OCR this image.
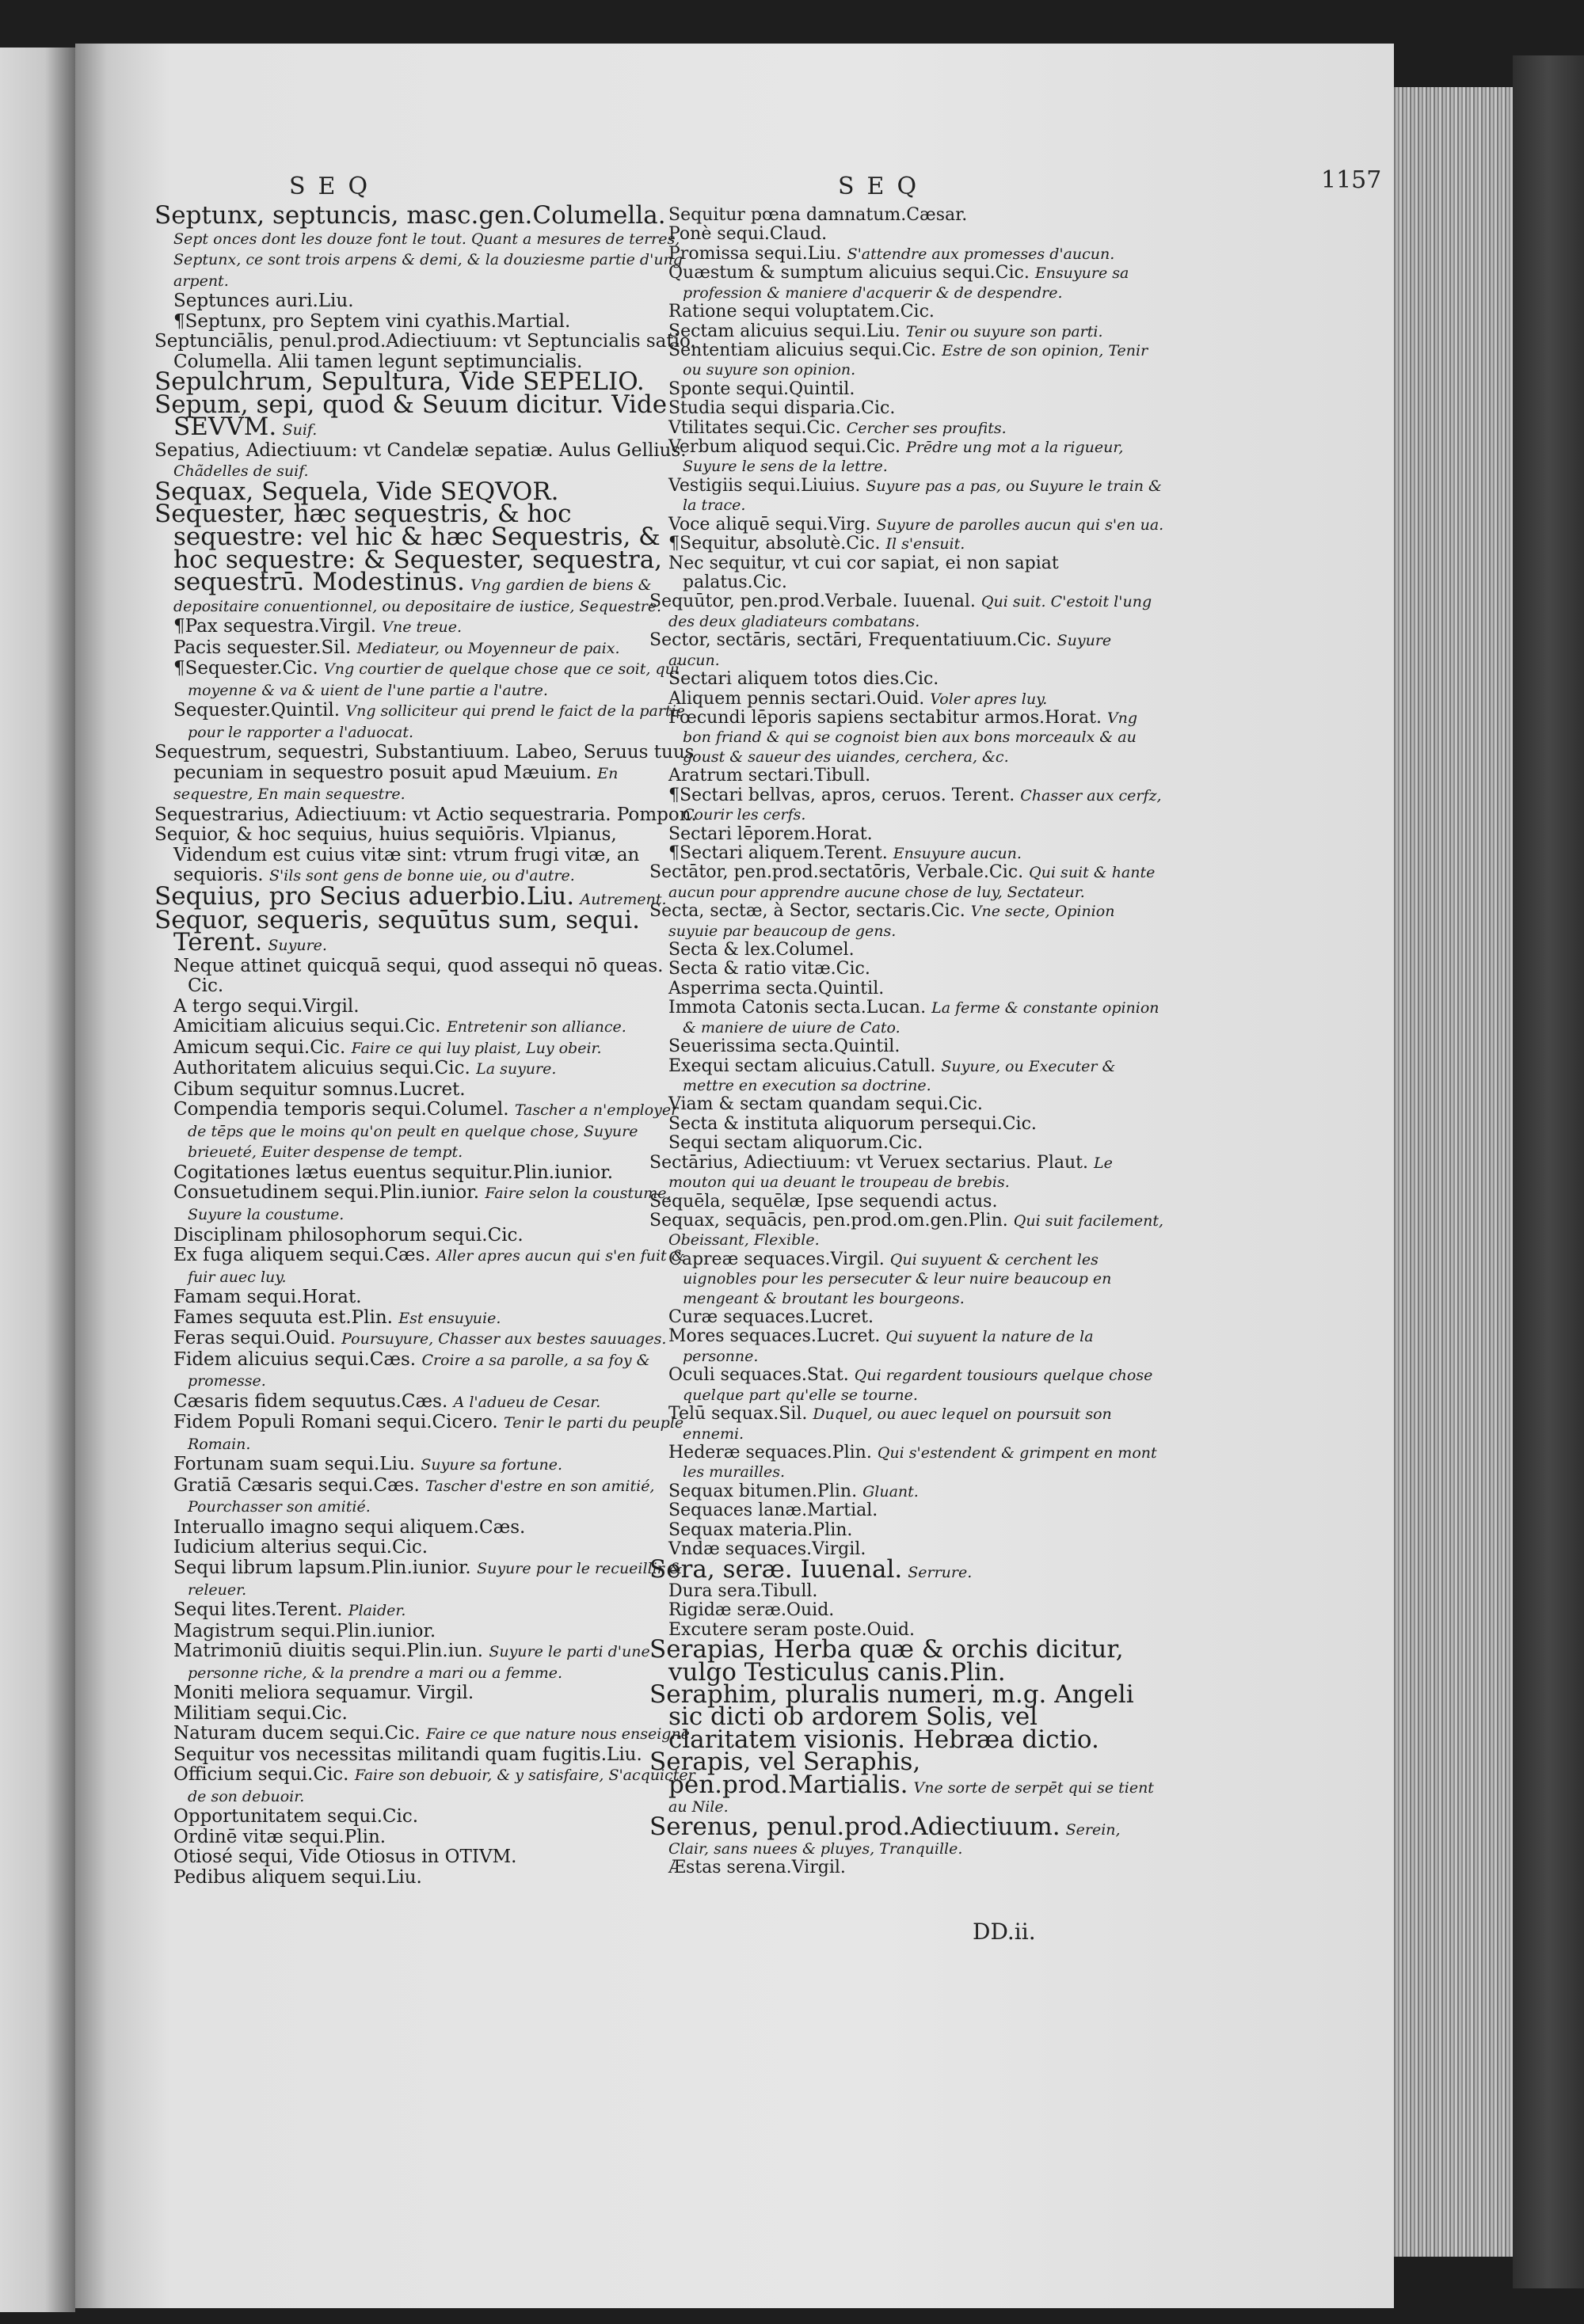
SEQ	SEQ	1157

Septunx, septuncis, masc.gen.Columella. Sept onces dont les douze font le tout. Quant a mesures de terres, Septunx, ce sont trois arpens & demi, & la douziesme partie d'ung arpent.

Septunces auri.Liu.

¶Septunx, pro Septem vini cyathis.Martial.

Septunciālis, penul.prod.Adiectiuum: vt Septuncialis satio. Columella. Alii tamen legunt septimuncialis.

Sepulchrum, Sepultura, Vide SEPELIO.

Sepum, sepi, quod & Seuum dicitur. Vide SEVVM. Suif.

Sepatius, Adiectiuum: vt Candelæ sepatiæ. Aulus Gellius. Chãdelles de suif.

Sequax, Sequela, Vide SEQVOR.

Sequester, hæc sequestris, & hoc sequestre: vel hic & hæc Sequestris, & hoc sequestre: & Sequester, sequestra, sequestrū. Modestinus. Vng gardien de biens & depositaire conuentionnel, ou depositaire de iustice, Sequestre.

¶Pax sequestra.Virgil. Vne treue.

Pacis sequester.Sil. Mediateur, ou Moyenneur de paix.

¶Sequester.Cic. Vng courtier de quelque chose que ce soit, qui moyenne & va & uient de l'une partie a l'autre.

Sequester.Quintil. Vng solliciteur qui prend le faict de la partie pour le rapporter a l'aduocat.

Sequestrum, sequestri, Substantiuum. Labeo, Seruus tuus pecuniam in sequestro posuit apud Mæuium. En sequestre, En main sequestre.

Sequestrarius, Adiectiuum: vt Actio sequestraria. Pompon.

Sequior, & hoc sequius, huius sequiōris. Vlpianus, Videndum est cuius vitæ sint: vtrum frugi vitæ, an sequioris. S'ils sont gens de bonne uie, ou d'autre.

Sequius, pro Secius aduerbio.Liu. Autrement.

Sequor, sequeris, sequūtus sum, sequi. Terent. Suyure.

Neque attinet quicquā sequi, quod assequi nō queas. Cic.

A tergo sequi.Virgil.

Amicitiam alicuius sequi.Cic. Entretenir son alliance.

Amicum sequi.Cic. Faire ce qui luy plaist, Luy obeir.

Authoritatem alicuius sequi.Cic. La suyure.

Cibum sequitur somnus.Lucret.

Compendia temporis sequi.Columel. Tascher a n'employer de tēps que le moins qu'on peult en quelque chose, Suyure brieueté, Euiter despense de tempt.

Cogitationes lætus euentus sequitur.Plin.iunior.

Consuetudinem sequi.Plin.iunior. Faire selon la coustume, Suyure la coustume.

Disciplinam philosophorum sequi.Cic.

Ex fuga aliquem sequi.Cæs. Aller apres aucun qui s'en fuit & fuir auec luy.

Famam sequi.Horat.

Fames sequuta est.Plin. Est ensuyuie.

Feras sequi.Ouid. Poursuyure, Chasser aux bestes sauuages.

Fidem alicuius sequi.Cæs. Croire a sa parolle, a sa foy & promesse.

Cæsaris fidem sequutus.Cæs. A l'adueu de Cesar.

Fidem Populi Romani sequi.Cicero. Tenir le parti du peuple Romain.

Fortunam suam sequi.Liu. Suyure sa fortune.

Gratiā Cæsaris sequi.Cæs. Tascher d'estre en son amitié, Pourchasser son amitié.

Interuallo imagno sequi aliquem.Cæs.

Iudicium alterius sequi.Cic.

Sequi librum lapsum.Plin.iunior. Suyure pour le recueillir & releuer.

Sequi lites.Terent. Plaider.

Magistrum sequi.Plin.iunior.

Matrimoniū diuitis sequi.Plin.iun. Suyure le parti d'une personne riche, & la prendre a mari ou a femme.

Moniti meliora sequamur. Virgil.

Militiam sequi.Cic.

Naturam ducem sequi.Cic. Faire ce que nature nous enseigne.

Sequitur vos necessitas militandi quam fugitis.Liu.

Officium sequi.Cic. Faire son debuoir, & y satisfaire, S'acquicter de son debuoir.

Opportunitatem sequi.Cic.

Ordinē vitæ sequi.Plin.

Otiosé sequi, Vide Otiosus in OTIVM.

Pedibus aliquem sequi.Liu.

Sequitur pœna damnatum.Cæsar.

Ponè sequi.Claud.

Promissa sequi.Liu. S'attendre aux promesses d'aucun.

Quæstum & sumptum alicuius sequi.Cic. Ensuyure sa profession & maniere d'acquerir & de despendre.

Ratione sequi voluptatem.Cic.

Sectam alicuius sequi.Liu. Tenir ou suyure son parti.

Sententiam alicuius sequi.Cic. Estre de son opinion, Tenir ou suyure son opinion.

Sponte sequi.Quintil.

Studia sequi disparia.Cic.

Vtilitates sequi.Cic. Cercher ses proufits.

Verbum aliquod sequi.Cic. Prēdre ung mot a la rigueur, Suyure le sens de la lettre.

Vestigiis sequi.Liuius. Suyure pas a pas, ou Suyure le train & la trace.

Voce aliquē sequi.Virg. Suyure de parolles aucun qui s'en ua.

¶Sequitur, absolutè.Cic. Il s'ensuit.

Nec sequitur, vt cui cor sapiat, ei non sapiat palatus.Cic.

Sequūtor, pen.prod.Verbale. Iuuenal. Qui suit. C'estoit l'ung des deux gladiateurs combatans.

Sector, sectāris, sectāri, Frequentatiuum.Cic. Suyure aucun.

Sectari aliquem totos dies.Cic.

Aliquem pennis sectari.Ouid. Voler apres luy.

Fœcundi lēporis sapiens sectabitur armos.Horat. Vng bon friand & qui se cognoist bien aux bons morceaulx & au goust & saueur des uiandes, cerchera, &c.

Aratrum sectari.Tibull.

¶Sectari bellvas, apros, ceruos. Terent. Chasser aux cerfz, Courir les cerfs.

Sectari lēporem.Horat.

¶Sectari aliquem.Terent. Ensuyure aucun.

Sectātor, pen.prod.sectatōris, Verbale.Cic. Qui suit & hante aucun pour apprendre aucune chose de luy, Sectateur.

Secta, sectæ, à Sector, sectaris.Cic. Vne secte, Opinion suyuie par beaucoup de gens.

Secta & lex.Columel.

Secta & ratio vitæ.Cic.

Asperrima secta.Quintil.

Immota Catonis secta.Lucan. La ferme & constante opinion & maniere de uiure de Cato.

Seuerissima secta.Quintil.

Exequi sectam alicuius.Catull. Suyure, ou Executer & mettre en execution sa doctrine.

Viam & sectam quandam sequi.Cic.

Secta & instituta aliquorum persequi.Cic.

Sequi sectam aliquorum.Cic.

Sectārius, Adiectiuum: vt Veruex sectarius. Plaut. Le mouton qui ua deuant le troupeau de brebis.

Sequēla, sequēlæ, Ipse sequendi actus.

Sequax, sequācis, pen.prod.om.gen.Plin. Qui suit facilement, Obeissant, Flexible.

Capreæ sequaces.Virgil. Qui suyuent & cerchent les uignobles pour les persecuter & leur nuire beaucoup en mengeant & broutant les bourgeons.

Curæ sequaces.Lucret.

Mores sequaces.Lucret. Qui suyuent la nature de la personne.

Oculi sequaces.Stat. Qui regardent tousiours quelque chose quelque part qu'elle se tourne.

Telū sequax.Sil. Duquel, ou auec lequel on poursuit son ennemi.

Hederæ sequaces.Plin. Qui s'estendent & grimpent en mont les murailles.

Sequax bitumen.Plin. Gluant.

Sequaces lanæ.Martial.

Sequax materia.Plin.

Vndæ sequaces.Virgil.

Sera, seræ. Iuuenal. Serrure.

Dura sera.Tibull.

Rigidæ seræ.Ouid.

Excutere seram poste.Ouid.

Serapias, Herba quæ & orchis dicitur, vulgo Testiculus canis.Plin.

Seraphim, pluralis numeri, m.g. Angeli sic dicti ob ardorem Solis, vel claritatem visionis. Hebræa dictio.

Serapis, vel Seraphis, pen.prod.Martialis. Vne sorte de serpēt qui se tient au Nile.

Serenus, penul.prod.Adiectiuum. Serein, Clair, sans nuees & pluyes, Tranquille.

Æstas serena.Virgil.

DD.ii.
